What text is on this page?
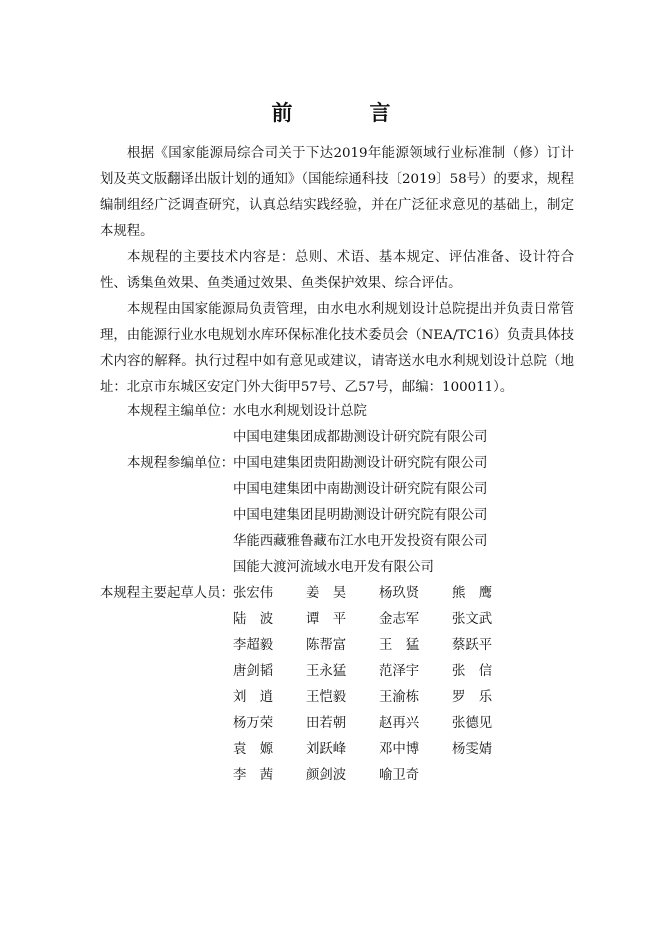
前　言

根据《国家能源局综合司关于下达2019年能源领域行业标准制（修）订计划及英文版翻译出版计划的通知》（国能综通科技〔2019〕58号）的要求，规程编制组经广泛调查研究，认真总结实践经验，并在广泛征求意见的基础上，制定本规程。

本规程的主要技术内容是：总则、术语、基本规定、评估准备、设计符合性、诱集鱼效果、鱼类通过效果、鱼类保护效果、综合评估。

本规程由国家能源局负责管理，由水电水利规划设计总院提出并负责日常管理，由能源行业水电规划水库环保标准化技术委员会（NEA/TC16）负责具体技术内容的解释。执行过程中如有意见或建议，请寄送水电水利规划设计总院（地址：北京市东城区安定门外大街甲57号、乙57号，邮编：100011）。

本规程主编单位：
水电水利规划设计总院
中国电建集团成都勘测设计研究院有限公司
本规程参编单位：
中国电建集团贵阳勘测设计研究院有限公司
中国电建集团中南勘测设计研究院有限公司
中国电建集团昆明勘测设计研究院有限公司
华能西藏雅鲁藏布江水电开发投资有限公司
国能大渡河流域水电开发有限公司
本规程主要起草人员： 张宏伟	姜　昊	杨玖贤	熊　鹰
陆　波	谭　平	金志军	张文武
李超毅	陈帮富	王　猛	蔡跃平
唐剑韬	王永猛	范泽宇	张　信
刘　逍	王恺毅	王渝栋	罗　乐
杨万荣	田若朝	赵再兴	张德见
袁　嫄	刘跃峰	邓中博	杨雯婧
李　茜	颜剑波	喻卫奇
